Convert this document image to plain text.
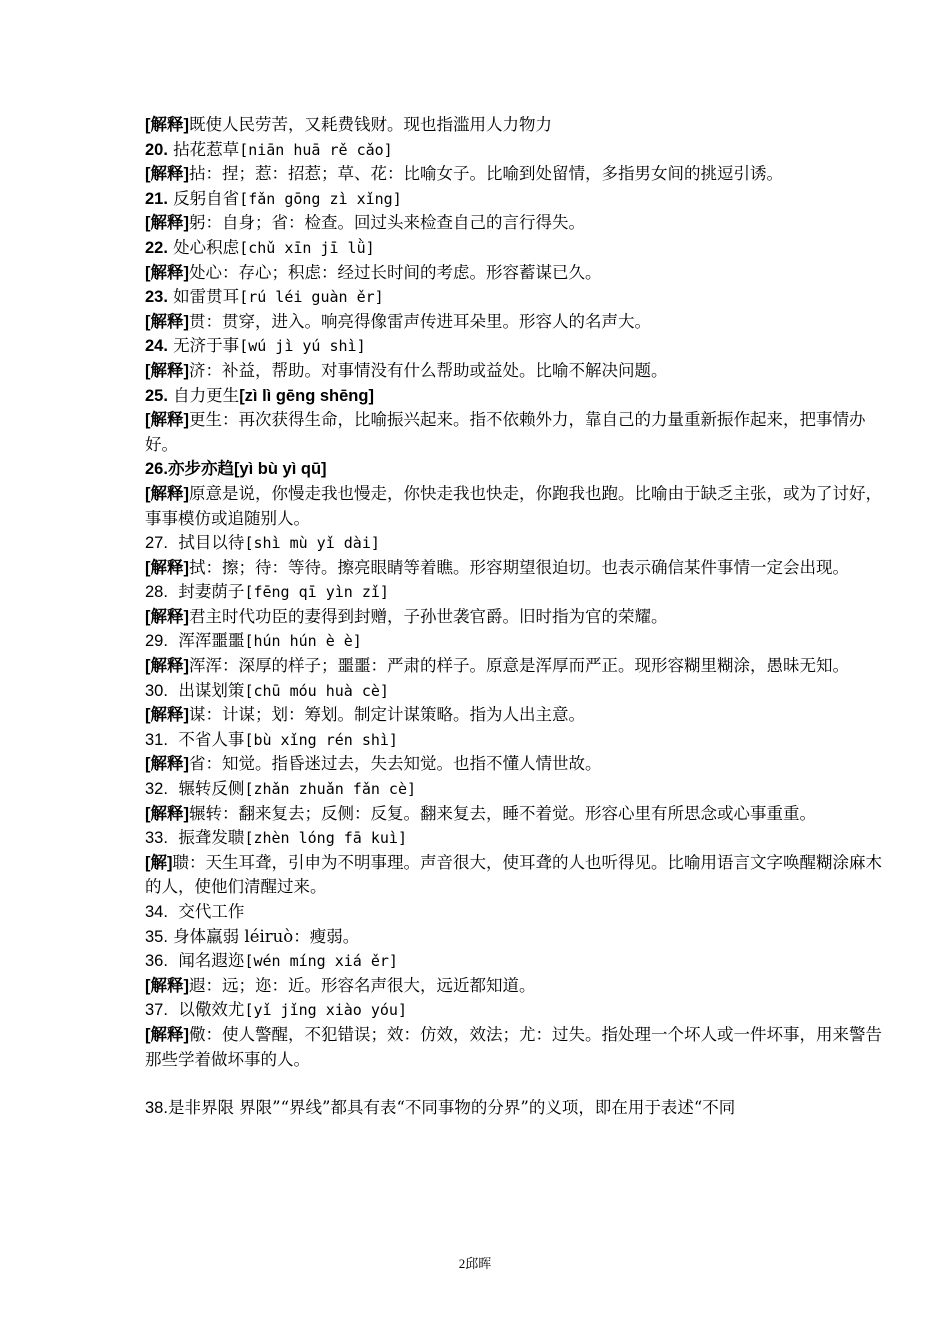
[解释]既使人民劳苦，又耗费钱财。现也指滥用人力物力
20. 拈花惹草[niān huā rě cǎo]
[解释]拈：捏；惹：招惹；草、花：比喻女子。比喻到处留情，多指男女间的挑逗引诱。
21. 反躬自省[fǎn gōng zì xǐng]
[解释]躬：自身；省：检查。回过头来检查自己的言行得失。
22. 处心积虑[chǔ xīn jī lǜ]
[解释]处心：存心；积虑：经过长时间的考虑。形容蓄谋已久。
23. 如雷贯耳[rú léi guàn ěr]
[解释]贯：贯穿，进入。响亮得像雷声传进耳朵里。形容人的名声大。
24. 无济于事[wú jì yú shì]
[解释]济：补益，帮助。对事情没有什么帮助或益处。比喻不解决问题。
25. 自力更生[zì lì gēng shēng]
[解释]更生：再次获得生命，比喻振兴起来。指不依赖外力，靠自己的力量重新振作起来，把事情办好。
26.亦步亦趋[yì bù yì qū]
[解释]原意是说，你慢走我也慢走，你快走我也快走，你跑我也跑。比喻由于缺乏主张，或为了讨好，事事模仿或追随别人。
27.  拭目以待[shì mù yǐ dài]
[解释]拭：擦；待：等待。擦亮眼睛等着瞧。形容期望很迫切。也表示确信某件事情一定会出现。
28.  封妻荫子[fēng qī yìn zǐ]
[解释]君主时代功臣的妻得到封赠，子孙世袭官爵。旧时指为官的荣耀。
29.  浑浑噩噩[hún hún è è]
[解释]浑浑：深厚的样子；噩噩：严肃的样子。原意是浑厚而严正。现形容糊里糊涂，愚昧无知。
30.  出谋划策[chū móu huà cè]
[解释]谋：计谋；划：筹划。制定计谋策略。指为人出主意。
31.  不省人事[bù xǐng rén shì]
[解释]省：知觉。指昏迷过去，失去知觉。也指不懂人情世故。
32.  辗转反侧[zhǎn zhuǎn fǎn cè]
[解释]辗转：翻来复去；反侧：反复。翻来复去，睡不着觉。形容心里有所思念或心事重重。
33.  振聋发聩[zhèn lóng fā kuì]
[解]聩：天生耳聋，引申为不明事理。声音很大，使耳聋的人也听得见。比喻用语言文字唤醒糊涂麻木的人，使他们清醒过来。
34.  交代工作
35. 身体羸弱 léiruò：瘦弱。
36.  闻名遐迩[wén míng xiá ěr]
[解释]遐：远；迩：近。形容名声很大，远近都知道。
37.  以儆效尤[yǐ jǐng xiào yóu]
[解释]儆：使人警醒，不犯错误；效：仿效，效法；尤：过失。指处理一个坏人或一件坏事，用来警告那些学着做坏事的人。
38.是非界限 界限”“界线”都具有表“不同事物的分界”的义项，即在用于表述“不同
2邱晖
